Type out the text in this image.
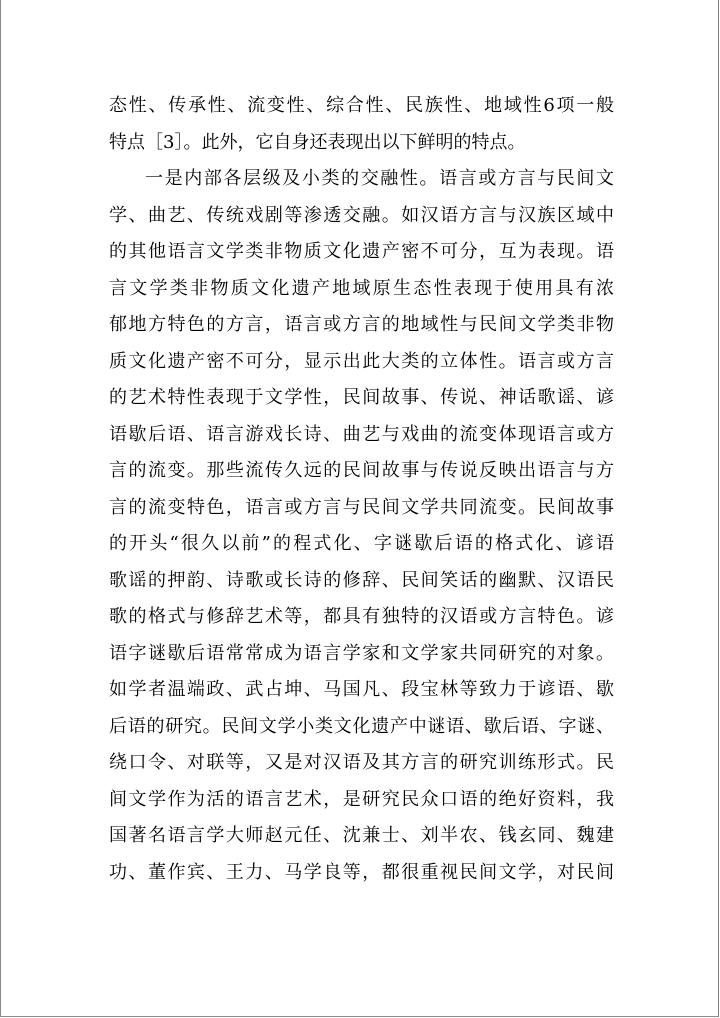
态性、传承性、流变性、综合性、民族性、地域性6项一般
特点［3］。此外，它自身还表现出以下鲜明的特点。
一是内部各层级及小类的交融性。语言或方言与民间文
学、曲艺、传统戏剧等渗透交融。如汉语方言与汉族区域中
的其他语言文学类非物质文化遗产密不可分，互为表现。语
言文学类非物质文化遗产地域原生态性表现于使用具有浓
郁地方特色的方言，语言或方言的地域性与民间文学类非物
质文化遗产密不可分，显示出此大类的立体性。语言或方言
的艺术特性表现于文学性，民间故事、传说、神话歌谣、谚
语歇后语、语言游戏长诗、曲艺与戏曲的流变体现语言或方
言的流变。那些流传久远的民间故事与传说反映出语言与方
言的流变特色，语言或方言与民间文学共同流变。民间故事
的开头“很久以前”的程式化、字谜歇后语的格式化、谚语
歌谣的押韵、诗歌或长诗的修辞、民间笑话的幽默、汉语民
歌的格式与修辞艺术等，都具有独特的汉语或方言特色。谚
语字谜歇后语常常成为语言学家和文学家共同研究的对象。
如学者温端政、武占坤、马国凡、段宝林等致力于谚语、歇
后语的研究。民间文学小类文化遗产中谜语、歇后语、字谜、
绕口令、对联等，又是对汉语及其方言的研究训练形式。民
间文学作为活的语言艺术，是研究民众口语的绝好资料，我
国著名语言学大师赵元任、沈兼士、刘半农、钱玄同、魏建
功、董作宾、王力、马学良等，都很重视民间文学，对民间
